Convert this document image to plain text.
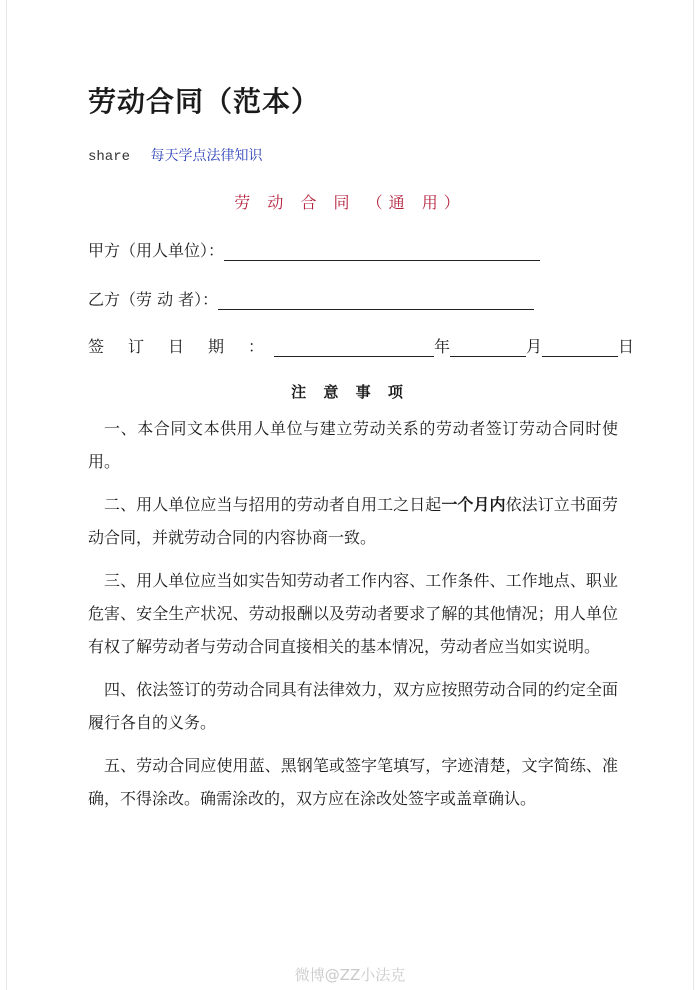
劳动合同（范本）
share 每天学点法律知识
劳 动 合 同 （通 用）
甲方（用人单位）：
乙方（劳 动 者）：
签订日期：	年	月	日
注 意 事 项

一、本合同文本供用人单位与建立劳动关系的劳动者签订劳动合同时使用。

二、用人单位应当与招用的劳动者自用工之日起一个月内依法订立书面劳动合同，并就劳动合同的内容协商一致。

三、用人单位应当如实告知劳动者工作内容、工作条件、工作地点、职业危害、安全生产状况、劳动报酬以及劳动者要求了解的其他情况；用人单位有权了解劳动者与劳动合同直接相关的基本情况，劳动者应当如实说明。

四、依法签订的劳动合同具有法律效力，双方应按照劳动合同的约定全面履行各自的义务。

五、劳动合同应使用蓝、黑钢笔或签字笔填写，字迹清楚，文字简练、准确，不得涂改。确需涂改的，双方应在涂改处签字或盖章确认。

微博@ZZ小法克
